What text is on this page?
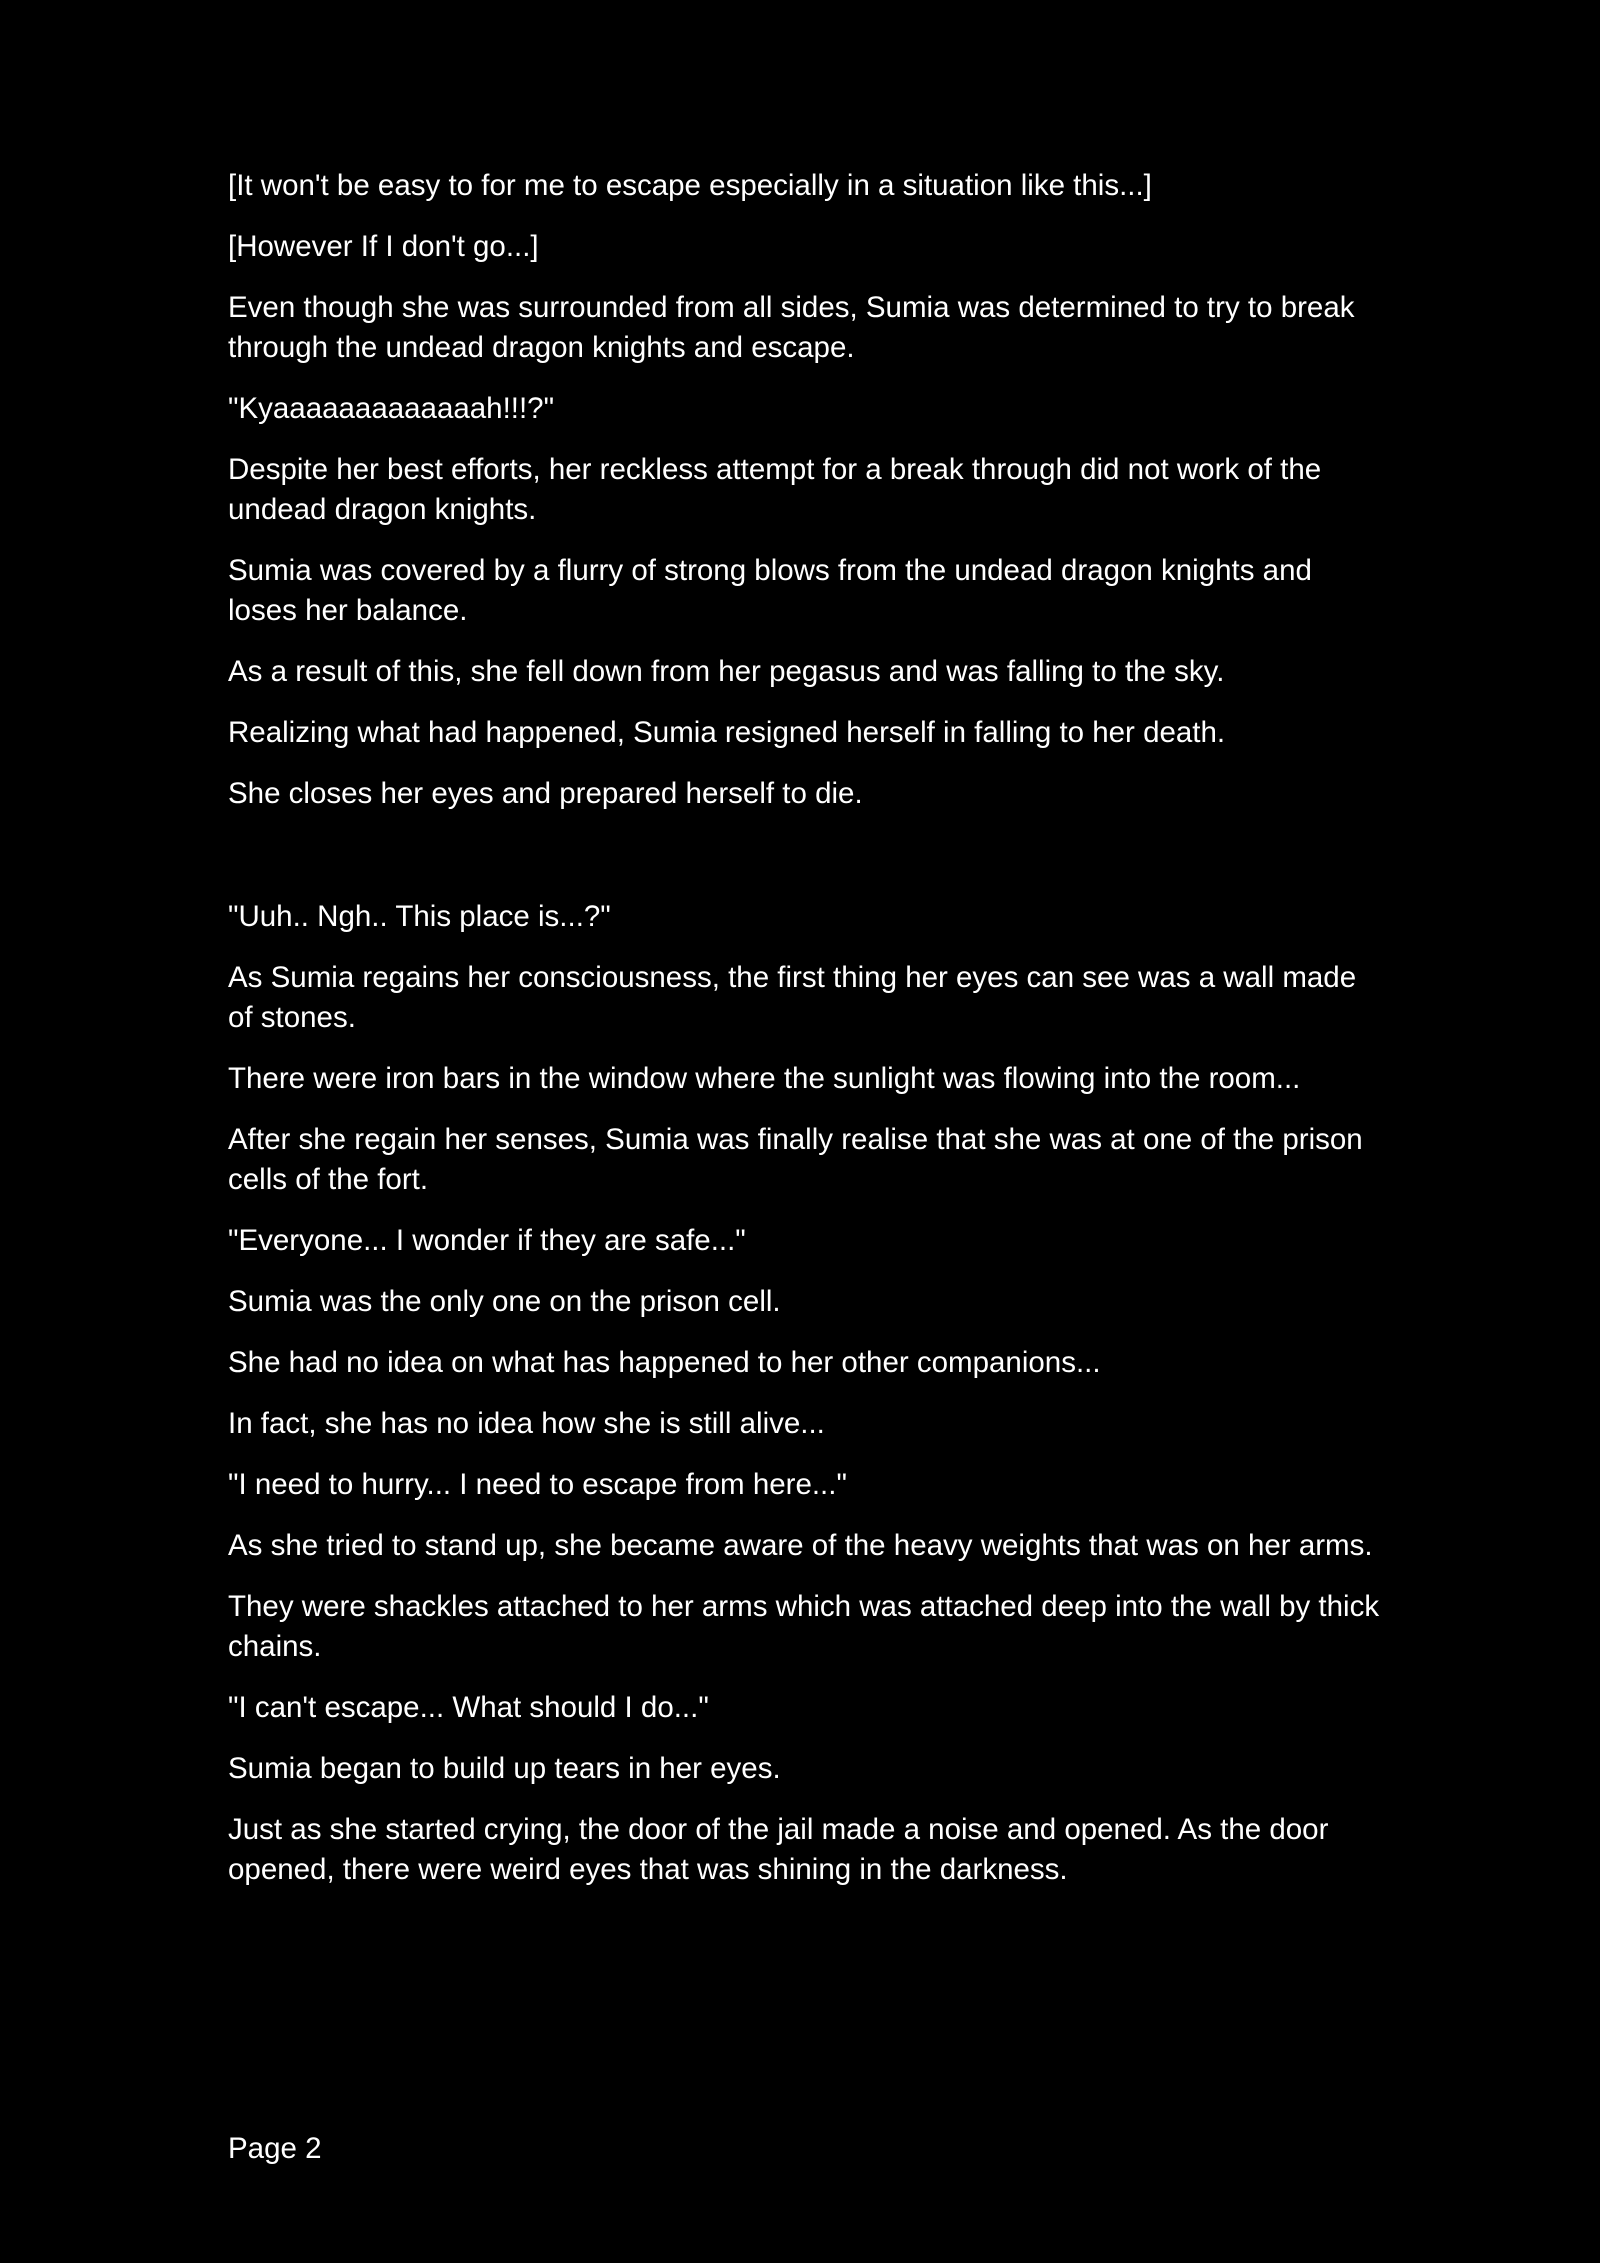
[It won't be easy to for me to escape especially in a situation like this...]

[However If I don't go...]

Even though she was surrounded from all sides, Sumia was determined to try to break through the undead dragon knights and escape.

"Kyaaaaaaaaaaaaah!!!?"

Despite her best efforts, her reckless attempt for a break through did not work of the undead dragon knights.

Sumia was covered by a flurry of strong blows from the undead dragon knights and loses her balance.

As a result of this, she fell down from her pegasus and was falling to the sky.

Realizing what had happened, Sumia resigned herself in falling to her death.

She closes her eyes and prepared herself to die.

"Uuh.. Ngh.. This place is...?"

As Sumia regains her consciousness, the first thing her eyes can see was a wall made of stones.

There were iron bars in the window where the sunlight was flowing into the room...

After she regain her senses, Sumia was finally realise that she was at one of the prison cells of the fort.

"Everyone... I wonder if they are safe..."

Sumia was the only one on the prison cell.

She had no idea on what has happened to her other companions...

In fact, she has no idea how she is still alive...

"I need to hurry... I need to escape from here..."

As she tried to stand up, she became aware of the heavy weights that was on her arms.

They were shackles attached to her arms which was attached deep into the wall by thick chains.

"I can't escape... What should I do..."

Sumia began to build up tears in her eyes.

Just as she started crying, the door of the jail made a noise and opened. As the door opened, there were weird eyes that was shining in the darkness.

Page 2
